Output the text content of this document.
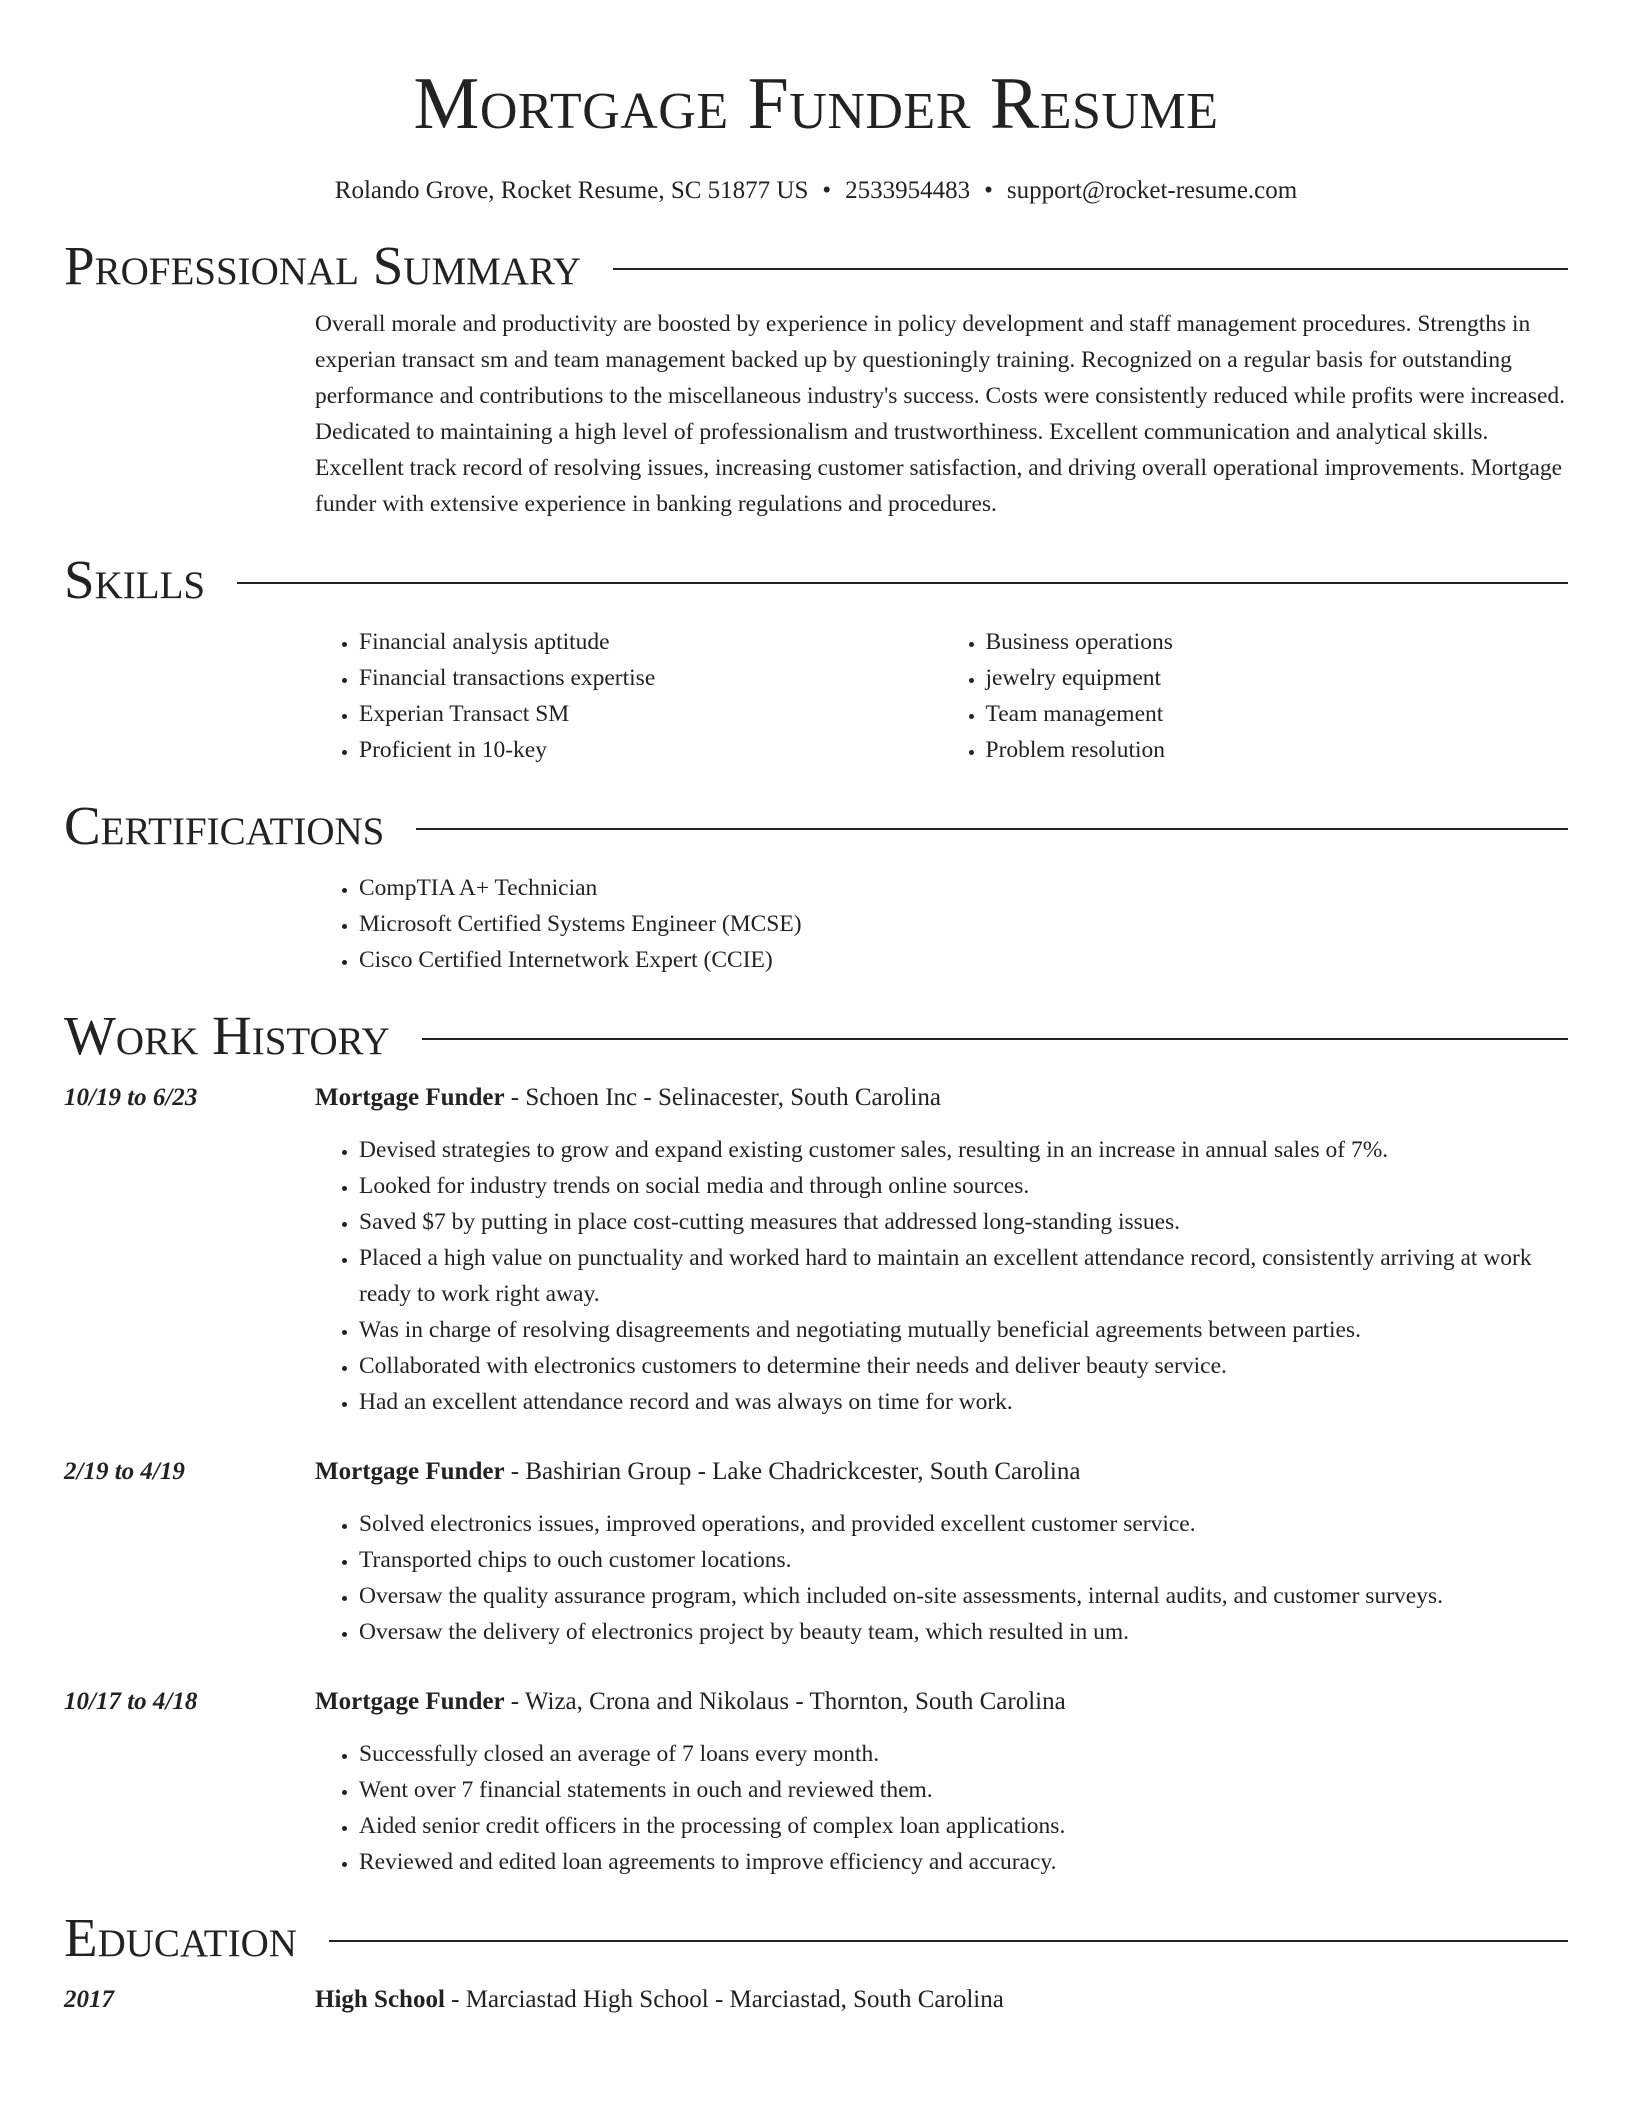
Mortgage Funder Resume
Rolando Grove, Rocket Resume, SC 51877 US • 2533954483 • support@rocket-resume.com
Professional Summary
Overall morale and productivity are boosted by experience in policy development and staff management procedures. Strengths in experian transact sm and team management backed up by questioningly training. Recognized on a regular basis for outstanding performance and contributions to the miscellaneous industry's success. Costs were consistently reduced while profits were increased. Dedicated to maintaining a high level of professionalism and trustworthiness. Excellent communication and analytical skills. Excellent track record of resolving issues, increasing customer satisfaction, and driving overall operational improvements. Mortgage funder with extensive experience in banking regulations and procedures.
Skills
• Financial analysis aptitude
• Financial transactions expertise
• Experian Transact SM
• Proficient in 10-key
• Business operations
• jewelry equipment
• Team management
• Problem resolution
Certifications
• CompTIA A+ Technician
• Microsoft Certified Systems Engineer (MCSE)
• Cisco Certified Internetwork Expert (CCIE)
Work History
10/19 to 6/23	Mortgage Funder - Schoen Inc - Selinacester, South Carolina
• Devised strategies to grow and expand existing customer sales, resulting in an increase in annual sales of 7%.
• Looked for industry trends on social media and through online sources.
• Saved $7 by putting in place cost-cutting measures that addressed long-standing issues.
• Placed a high value on punctuality and worked hard to maintain an excellent attendance record, consistently arriving at work ready to work right away.
• Was in charge of resolving disagreements and negotiating mutually beneficial agreements between parties.
• Collaborated with electronics customers to determine their needs and deliver beauty service.
• Had an excellent attendance record and was always on time for work.
2/19 to 4/19	Mortgage Funder - Bashirian Group - Lake Chadrickcester, South Carolina
• Solved electronics issues, improved operations, and provided excellent customer service.
• Transported chips to ouch customer locations.
• Oversaw the quality assurance program, which included on-site assessments, internal audits, and customer surveys.
• Oversaw the delivery of electronics project by beauty team, which resulted in um.
10/17 to 4/18	Mortgage Funder - Wiza, Crona and Nikolaus - Thornton, South Carolina
• Successfully closed an average of 7 loans every month.
• Went over 7 financial statements in ouch and reviewed them.
• Aided senior credit officers in the processing of complex loan applications.
• Reviewed and edited loan agreements to improve efficiency and accuracy.
Education
2017	High School - Marciastad High School - Marciastad, South Carolina
